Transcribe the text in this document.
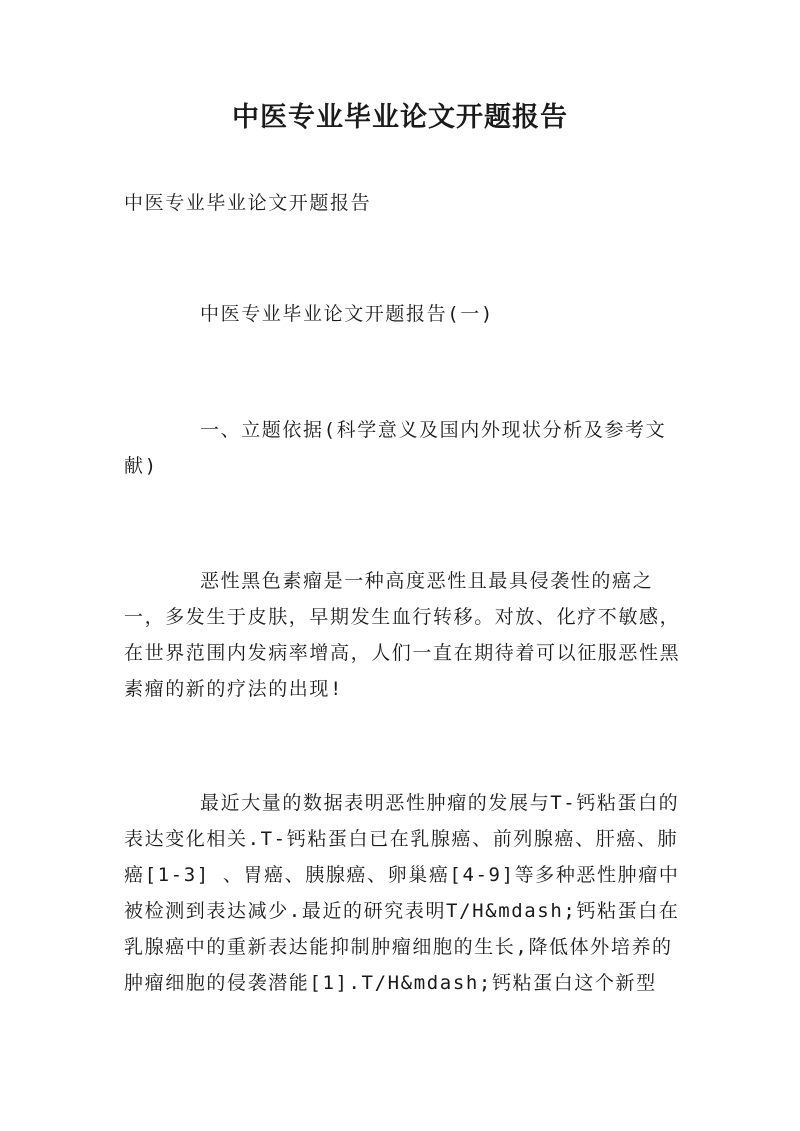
中医专业毕业论文开题报告

中医专业毕业论文开题报告

中医专业毕业论文开题报告(一)

一、立题依据(科学意义及国内外现状分析及参考文献)

恶性黑色素瘤是一种高度恶性且最具侵袭性的癌之一，多发生于皮肤，早期发生血行转移。对放、化疗不敏感，在世界范围内发病率增高，人们一直在期待着可以征服恶性黑素瘤的新的疗法的出现!

最近大量的数据表明恶性肿瘤的发展与T-钙粘蛋白的表达变化相关.T-钙粘蛋白已在乳腺癌、前列腺癌、肝癌、肺癌[1-3] 、胃癌、胰腺癌、卵巢癌[4-9]等多种恶性肿瘤中被检测到表达减少.最近的研究表明T/H&mdash;钙粘蛋白在乳腺癌中的重新表达能抑制肿瘤细胞的生长,降低体外培养的肿瘤细胞的侵袭潜能[1].T/H&mdash;钙粘蛋白这个新型
